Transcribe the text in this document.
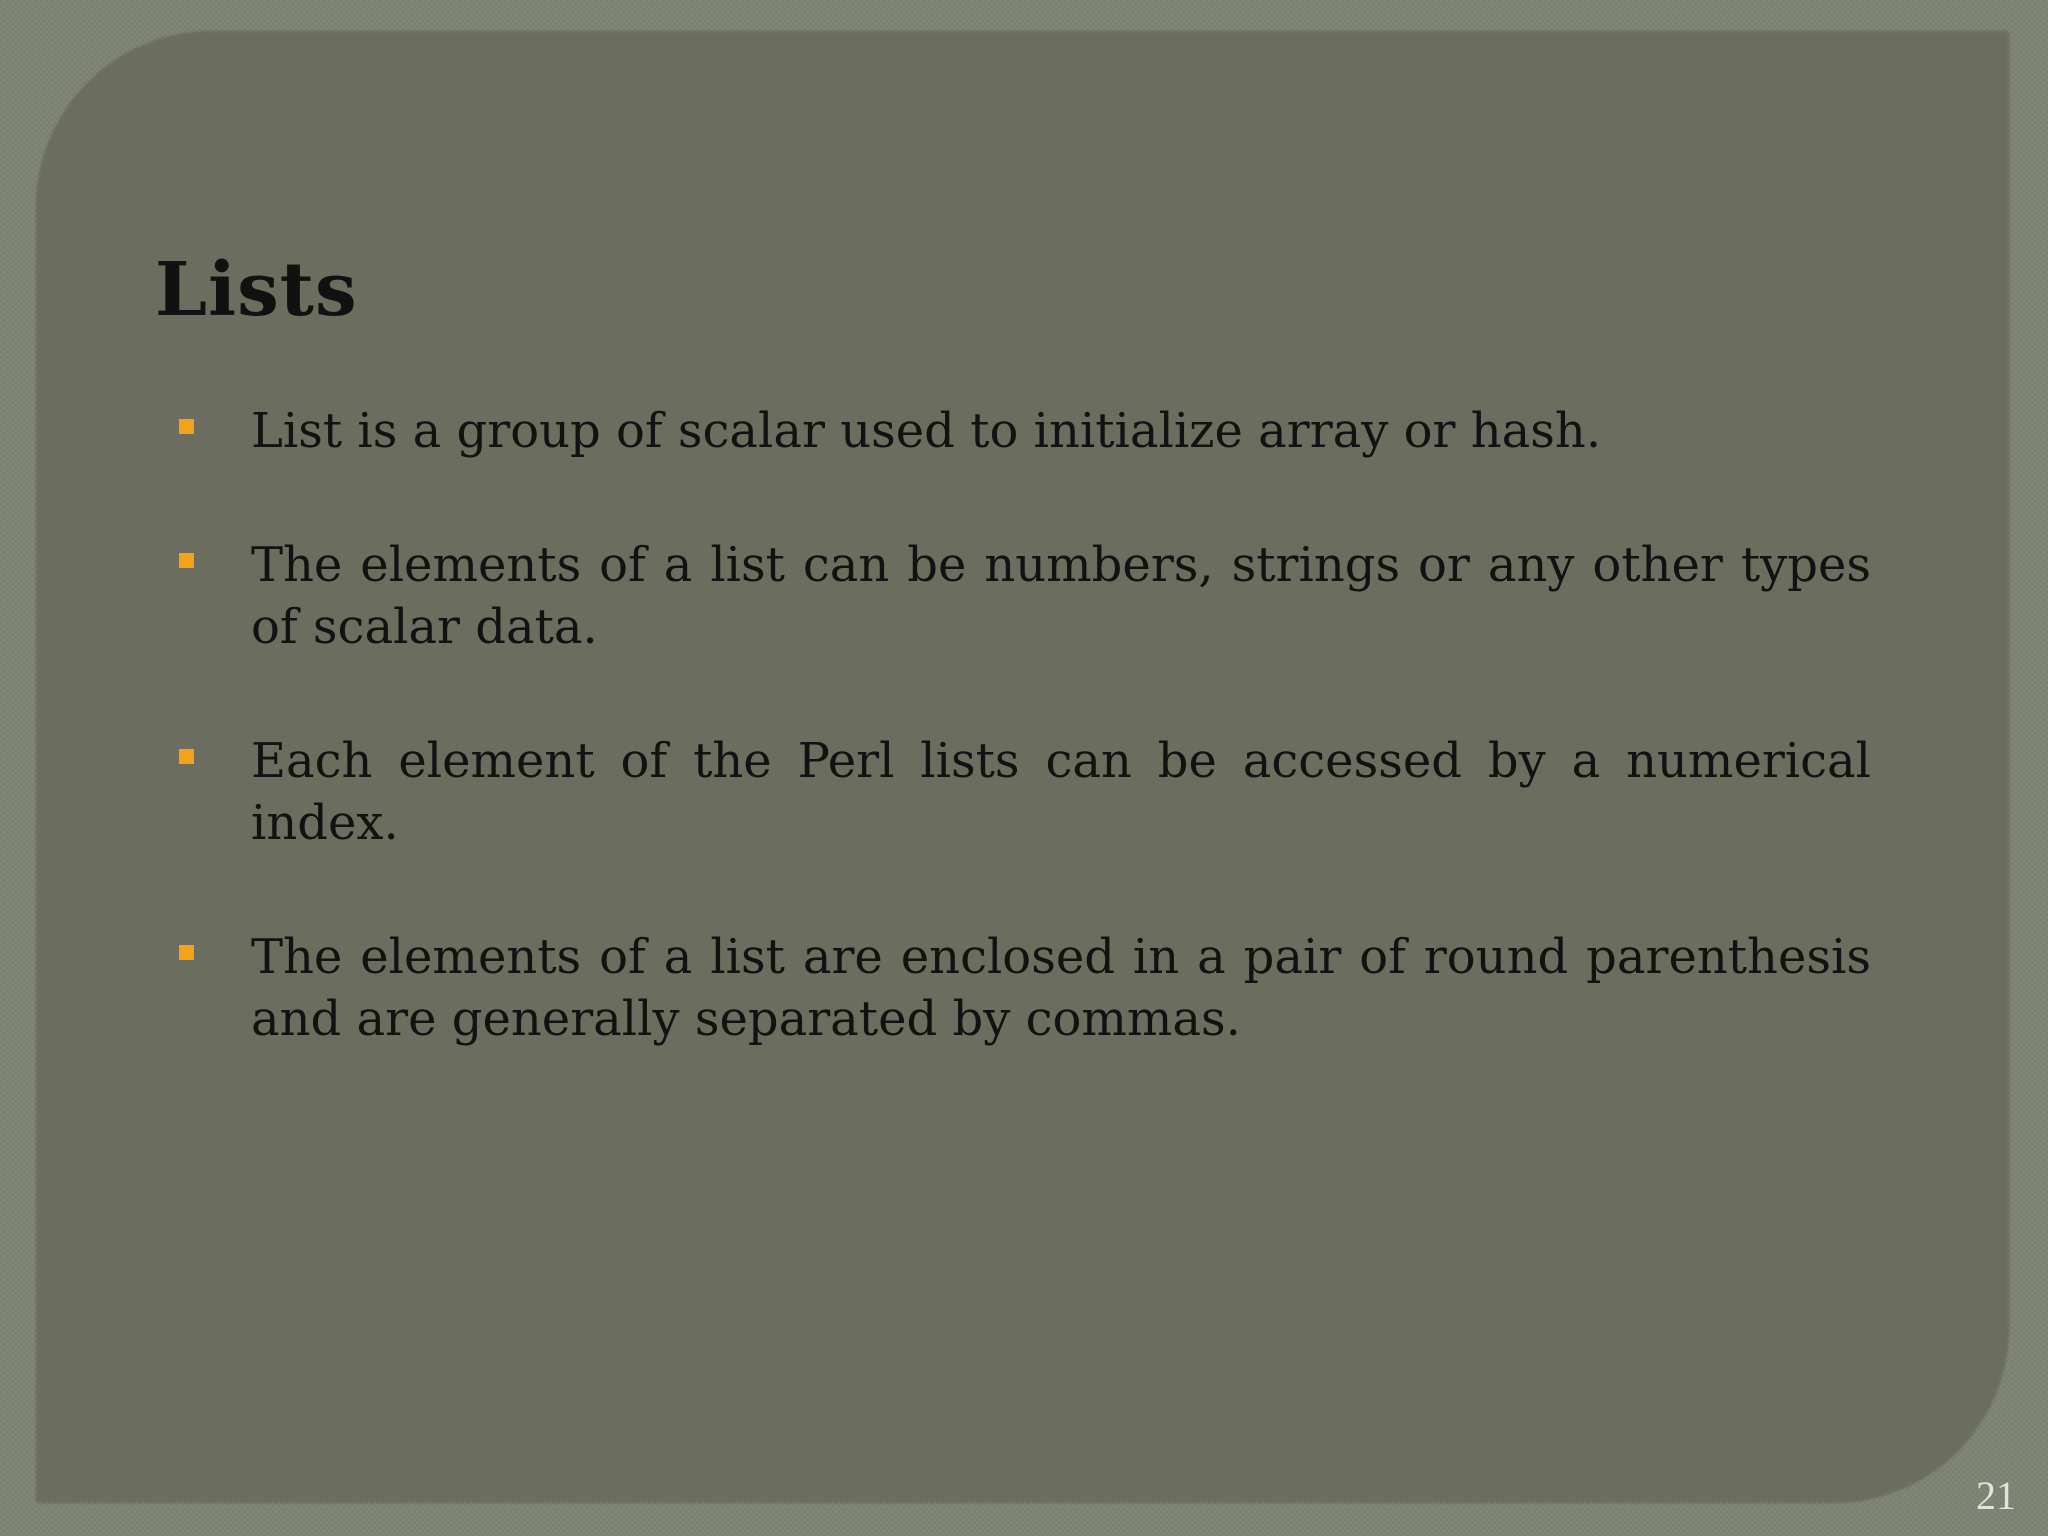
Lists
List is a group of scalar used to initialize array or hash.
The elements of a list can be numbers, strings or any other types of scalar data.
Each element of the Perl lists can be accessed by a numerical index.
The elements of a list are enclosed in a pair of round parenthesis and are generally separated by commas.
21
